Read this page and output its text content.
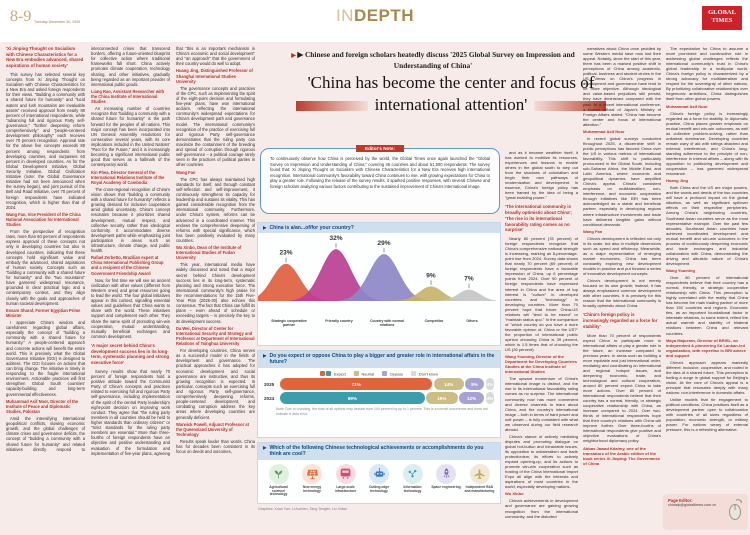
8-9 Tuesday December 30, 2025	INDEPTH	GLOBAL
TIMES

'Xi Jinping Thought on Socialism with Chinese Characteristics for a New Era embodies advanced, shared aspirations of human society'

This survey has selected several key concepts from Xi Jinping Thought on Socialism with Chinese Characteristics for a New Era and asked foreign respondents for their views. "Building a community with a shared future for humanity" and "lucid waters and lush mountains are invaluable assets" received approval from nearly 80 percent of international respondents, while "advancing full and rigorous Party self-governance," "further deepening reform comprehensively," and "people-centered development philosophy" each receives over 70 percent recognition. Approval rate for the above five concepts exceeds 80 percent among respondents from developing countries, and surpasses 60 percent in developed countries. As for the Global Development Initiative, Global Security Initiative, Global Civilization Initiative (note: the Global Governance Initiative had not been announced when the survey began), and joint pursuit of the Belt and Road Initiative, over 70 percent of foreign respondents have indicated recognition, which is higher than that of 2024.

Wang Fan, Vice President of the China National Association for International Studies

From the perspective of recognition rates, more than 60 percent of respondents express approval of these concepts not only in developing countries but also in developed countries, indicating that these concepts hold significant value and embody the advanced, shared aspirations of human society. Concepts such as "building a community with a shared future for humanity" and the "two mountains" have garnered widespread resonance, grounded in clear practical logic and a contemporary context, and they align closely with the goals and approaches of human societal development.

Essam Sharaf, Former Egyptian Prime Minister

I appreciate China's wisdom and carefulness regarding global affairs, especially the concept of "building a community with a shared future for humanity." A people-centered approach and concrete actions will benefit the entire world. This is precisely what the Global Governance Initiative (GGI) is designed to address. The GGI focuses on actions that can bring change. The initiative is timely in responding to the fragile international environment. Actionable practices will first strengthen Global South countries' capacity-building and long-term governmental effectiveness.

Muhammad Asif Noor, Director of the Institute of Peace and Diplomatic Studies, Pakistan

Amid the intensifying international geopolitical conflicts, slowing economic growth, and the global challenges of climate crises and governance deficits, the concept of "building a community with a shared future for humanity" and related initiatives directly respond to interconnected crises that transcend borders, offering a future-oriented blueprint for collective action where traditional frameworks fall short. China actively promotes climate cooperation, technology sharing, and other initiatives, gradually being regarded as an important provider of international public goods.

Liang Rao, Assistant Researcher with the China Institute of International Studies

An increasing number of countries recognize that "building a community with a shared future for humanity" is the path forward for the peoples of all nations. This major concept has been incorporated into UN General Assembly resolutions for consecutive several years, with its core implications included in the United Nations' "Pact for the Future," and it is increasingly becoming a significant international public good that serves as a hallmark of the contemporary world.

Kin Phea, Director General of the International Relations Institute of the Royal Academy of Cambodia

The cross-regional recognition of China's vision shows that "building a community with a shared future for humanity" reflects a growing demand for inclusive cooperation amid global uncertainty. China's concept resonates because it prioritizes shared development, mutual respect, and collective security rather than ideological conformity. It accommodates diverse development paths while emphasizing joint participation in areas such as infrastructure, climate change, and public health.

Rafael Zerbetto, Brazilian expert at China International Publishing Group and a recipient of the Chinese Government Friendship Award

Now, for first time we will see an ancient civilization with other values (different from Western ones) and great resources going to lead the world. The four global initiatives appear in this context, signalling essential values and guidelines that China wants to share with the world. These initiatives support and complement each other. They share the same spirit of promoting win-win cooperation, mutual understanding, mutually beneficial exchanges and common development.

'A major secret behind China's development success lies in its long-term, systematic planning and strong executive force'

Survey results show that nearly 70 percent of foreign respondents hold a positive attitude toward the Communist Party of China's concepts and practices related to exercising full and rigorous Party self-governance, including implementation of the spirit of the central Party leadership's eight-point decision on improving work conduct. They agree that "the ruling party members in all countries should be held to higher standards than ordinary citizens" or "strict standards for the ruling party members are essential." More than three-fourths of foreign respondents have an objective and positive understanding and evaluation of the formulation and implementation of five-year plans, agreeing that "this is an important mechanism in China's economic and social development" and "an approach" that the government of their country would do well to adopt.

Huang Jing, Distinguished Professor of Shanghai International Studies University

The governance concepts and practices of the CPC, such as implementing the spirit of the eight-point decision and formulating five-year plans, have won international acclaim, reflecting the international community's widespread expectations for China's development path and governance model. The international community's recognition of the practice of exercising full and rigorous Party self-governance demonstrates that the ruling party can maximize the containment of the breeding and spread of corruption through rigorous self-governance – a political courage rarely seen in the practices of political parties in other countries.

Wang Fan

The CPC has always maintained high standards for itself, and through constant self-reflection and self-improvement, it continuously strengthens its capacity for leadership and sustains its vitality. This has gained considerable recognition from the international community. Furthermore, under China's system, reforms can be advanced in a coordinated manner. This endows the comprehensive deepening of reforms with special significance, which has been positively evaluated by many countries.

Wu Xinbo, Dean of the Institute of International Studies of Fudan University

This year, international media have widely discussed and noted that a major secret behind China's development success lies in its long-term, systematic planning and strong executive force. The international community's high praise for the recommendations for the 15th Five-Year Plan (2026-30) also echoes this consensus. The fact that China can fulfill its plans – even ahead of schedule or exceeding targets – is precisely the key to its development success.

Da Wei, Director of Center for International Security and Strategy and Professor at Department of International Relations of Tsinghua University

For developing countries, China serves as a successful model in the fields of development and governance. The practical approaches it has adopted for economic development and social governance are instructive, and thus its growing recognition is expected. In particular, concepts such as exercising full and rigorous Party self-governance, comprehensively deepening reforms, people-centered development, and combating corruption address the key areas where developing countries are generally deficient.

Warwick Powell, Adjunct Professor at the Queensland University of Technology

Results speak louder than words. China has for decades been consistent in its focus on deeds and outcomes,

▶ ▶ Chinese and foreign scholars heatedly discuss '2025 Global Survey on Impression and Understanding of China'
'China has become the center and focus of
international attention'
Editor's Note:
To continuously observe how China is perceived by the world, the Global Times once again launched the "Global Survey on Impression and Understanding of China," covering 46 countries and about 51,500 respondents. The survey found that: Xi Jinping Thought on Socialism with Chinese Characteristics for a New Era receives high international recognition. International community's favorability toward China continues to rise, with growing expectations for China to play a greater role. Following the release of the survey results, it sparked positive responses, with several Chinese and foreign scholars analyzing various factors contributing to the sustained improvement of China's international image.
▶ China is a/an...of/for your country?
23%
32%
29%
9%	7%
Strategic cooperative partner
Friendly country	Country with normal relations
Competitor	Others
▶ Do you expect or oppose China to play a bigger and greater role in international affairs in the future?
Expect	Neutral	Oppose	Don't know
2025	72%	14%	9%	4%
2024	69%	15%	12%	4%
Note: Due to rounding, the total of all options may deviate from 100 percent by up to 1 percent. This is a normal occurrence and does not indicate a data error.
▶ Which of the following Chinese technological achievements or accomplishments do you think are cool?
Agricultural science/ technology
New energy technology
Large-scale infrastructure
Cutting-edge technology
Information technology
Space engineering	Independent R&D and manufacturing
Graphics: Xuan Yan, Li Aozhen, Tang Tengfei, Liu Xidan

and as it became wealthier itself, it has worked to mobilize its resources, experiences and lessons to enable others in the global south to step out from the shadows of colonialism and begin their own pathways of modernization and development. In essence, China's foreign policy has been framed by the idea of being a "great enabling power."

'The international community is broadly optimistic about China'; 'The rise in its international favorability rating comes as no surprise'

Nearly 80 percent (78 percent) of foreign respondents recognize that China's comprehensive national strength is increasing, marking an 8-percentage-point rise from 2024. Survey data shows that nearly 70 percent (69 percent) of foreign respondents have a favorable impression of China, up 6 percentage points from 2024. Over 90 percent of foreign respondents have expressed interest in China and the area of top interest is "culture" in developed countries, and "technology" in developing countries. More than 70 percent hope that future China-US relations will "tend to be eased" or "maintain status quo." In the comparison of "which country do you have a more favorable opinion of, China or the US?" the proportion of international public opinion choosing China is 39 percent, which is 1.5 times that of choosing the US (26 percent).

Wang Youming, Director of the Department for Developing Countries Studies at the China Institute of International Studies

The upward momentum of China's international image is distinct, and the rise in its international favorability rating comes as no surprise. The international community now has more convenient and diverse channels to learn about China, and the country's international image – both in terms of hard power and soft power – is fully consistent with what we observed during our field research abroad.

China's stance of actively mediating disputes and promoting dialogue on global hot-button and intractable issues, its opposition to unilateralism and trade protectionism, its efforts to actively expand opening-up, and its actions to promote win-win cooperation such as hosting of the China International Import Expo all align with the interests and aspirations of most countries in the world, especially developing nations.

Wu Xinbo

China's achievements in development and governance are gaining growing recognition from the international community, and the distorted

narratives about China once peddled by some Western media have now lost their appeal. Notably, since the start of this year, there has been a marked positive shift in perceptions of China among academic, political, business and student circles in the US. Views on China's progress in development and governance have tend to be more objective. Although ideological and value-based prejudices still persist, they have diminished compared with the past. At a recent international conference, a former official of Japan's Ministry of Foreign Affairs stated: "China has become the center and focus of international attention."

Muhammad Asif Noor

In recent global surveys conducted throughout 2025, a discernible shift in public perceptions has favored China over the US in various metrics of international favorability. This shift is particularly pronounced in the Global South, including sub-Saharan Africa, the Middle East, and Latin America, where economic and geopolitical dynamics have amplified China's appeal. China's consistent emphasis on multilateralism, non-interference, and economic cooperation through initiatives like BRI has been acknowledged as a stable and beneficial partner, especially in developing regions where infrastructure investments and trade have delivered tangible gains without conditional demands.

Wang Fan

China's development is reflected not only in its scale, but also in multiple dimensions such as speed and efficiency. Meanwhile, as a major representative of emerging market economies, China has been constantly exploring new development models in practice and put forward a series of innovative development concepts.

China's development is not merely focused on its own growth; instead, it has always emphasized common development with other countries. It is precisely for this reason that the international community is broadly optimistic about China.

'China's foreign policy is increasingly regarded as a force for stability'

More than 70 percent of respondents expect China to participate more in international affairs or play a greater role in the future, an increase compared to previous years. In areas such as building a more equitable and just international order, mediating and coordinating on international and regional hotspot issues, and deepening economic, trade, and technological and cultural cooperation, around 80 percent expect China to take more actions. Over 80 percent of international respondents believe that their country has a normal, friendly, or strategic cooperative relationship with China, an increase compared to 2024. Over two-thirds of international respondents hope that their country's relations with China will improve further. Over three-fourths of international respondents give positive and objective evaluations of China's neighborhood diplomacy policy.

Abbas Jawad Kdaimy, one of the translators of the Arabic edition of the book series Xi Jinping: The Governance of China

The expectation for China to assume a more prominent and constructive role in addressing global challenges reflects the international community's trust in China's global leadership in a multipolar world. China's foreign policy is characterized by a strong advocacy for multilateralism and respect for the sovereignty of other nations. By prioritizing collaborative relationships over hegemonic ambitions, China distinguishes itself from other global powers.

Muhammad Asif Noor

China's foreign policy is increasingly regarded as a force for stability. In diplomatic practice, China places greater emphasis on mutual benefit and win-win outcomes, as well as collective problem-solving, rather than unilateral dominance. Developing countries remain wary of aid with strings attached and external interference, and China's long-standing adherence to the principle of non-interference in internal affairs – along with its opposition to politicizing development and cooperation – has garnered widespread resonance.

Huang Jing

Both China and the US are major powers, and the words and deeds of the two countries will have a profound impact on the global situation, as well as significant spillover effects on their respective peripheries. Among China's neighboring countries, Southeast Asian countries serve as the most representative example. Over the past few decades, Southeast Asian countries have achieved coordinated development and mutual benefit and win-win outcomes in the process of continuously deepening economic and trade exchanges and industrial collaboration with China, demonstrating the driving and altruistic nature of China's development.

Wang Youming

Over 80 percent of international respondents believe that their country has a normal, friendly, or strategic cooperative relationship with China. This perception is highly correlated with the reality that China has become the main trading partner of more than 150 countries and regions. Economic ties, as an important foundational factor in interstate relations, to some extent, reflect the actual warmth and stability of bilateral relations between China and relevant countries.

Maya Majueran, Director of BRISL, an independent & pioneering Sri Lankan-led organization, with expertise in BRI advice and support

China's approach appears markedly different: inclusive, cooperative, and rooted in the idea of a shared future. This perception is fueling a surge in global support for Beijing's vision. At the core of China's appeal is a principle that resonates deeply with many nations: non-interference in domestic affairs.

Unlike models that tie engagement to political conditions, China positions itself as a development partner open to collaboration with countries of all sizes regardless of population, economic strength, or military power. For nations weary of external pressure, this is a refreshing alternative.

Page Editor:
chinaqi@globaltimes.com.cn
